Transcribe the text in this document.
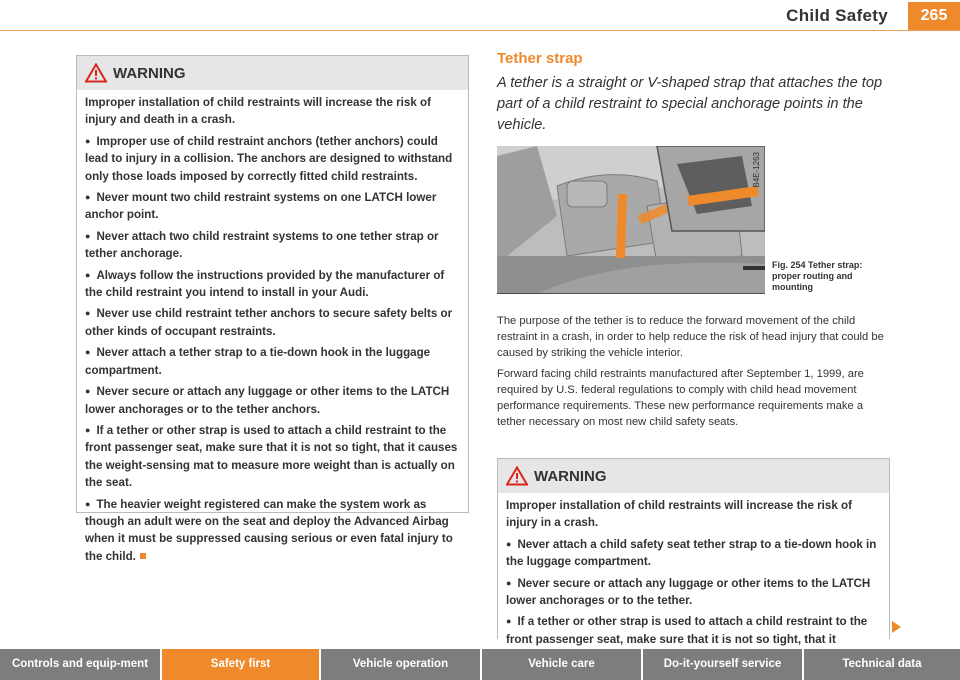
Child Safety	265
WARNING

Improper installation of child restraints will increase the risk of injury and death in a crash.

● Improper use of child restraint anchors (tether anchors) could lead to injury in a collision. The anchors are designed to withstand only those loads imposed by correctly fitted child restraints.

● Never mount two child restraint systems on one LATCH lower anchor point.

● Never attach two child restraint systems to one tether strap or tether anchorage.

● Always follow the instructions provided by the manufacturer of the child restraint you intend to install in your Audi.

● Never use child restraint tether anchors to secure safety belts or other kinds of occupant restraints.

● Never attach a tether strap to a tie-down hook in the luggage compartment.

● Never secure or attach any luggage or other items to the LATCH lower anchorages or to the tether anchors.

● If a tether or other strap is used to attach a child restraint to the front passenger seat, make sure that it is not so tight, that it causes the weight-sensing mat to measure more weight than is actually on the seat.

● The heavier weight registered can make the system work as though an adult were on the seat and deploy the Advanced Airbag when it must be suppressed causing serious or even fatal injury to the child.

Tether strap

A tether is a straight or V-shaped strap that attaches the top part of a child restraint to special anchorage points in the vehicle.

B4E-1263
Fig. 254 Tether strap: proper routing and mounting

The purpose of the tether is to reduce the forward movement of the child restraint in a crash, in order to help reduce the risk of head injury that could be caused by striking the vehicle interior.

Forward facing child restraints manufactured after September 1, 1999, are required by U.S. federal regulations to comply with child head movement performance requirements. These new performance requirements make a tether necessary on most new child safety seats.

WARNING

Improper installation of child restraints will increase the risk of injury in a crash.

● Never attach a child safety seat tether strap to a tie-down hook in the luggage compartment.

● Never secure or attach any luggage or other items to the LATCH lower anchorages or to the tether.

● If a tether or other strap is used to attach a child restraint to the front passenger seat, make sure that it is not so tight, that it

Controls and equip-ment	Safety first	Vehicle operation	Vehicle care	Do-it-yourself service	Technical data
